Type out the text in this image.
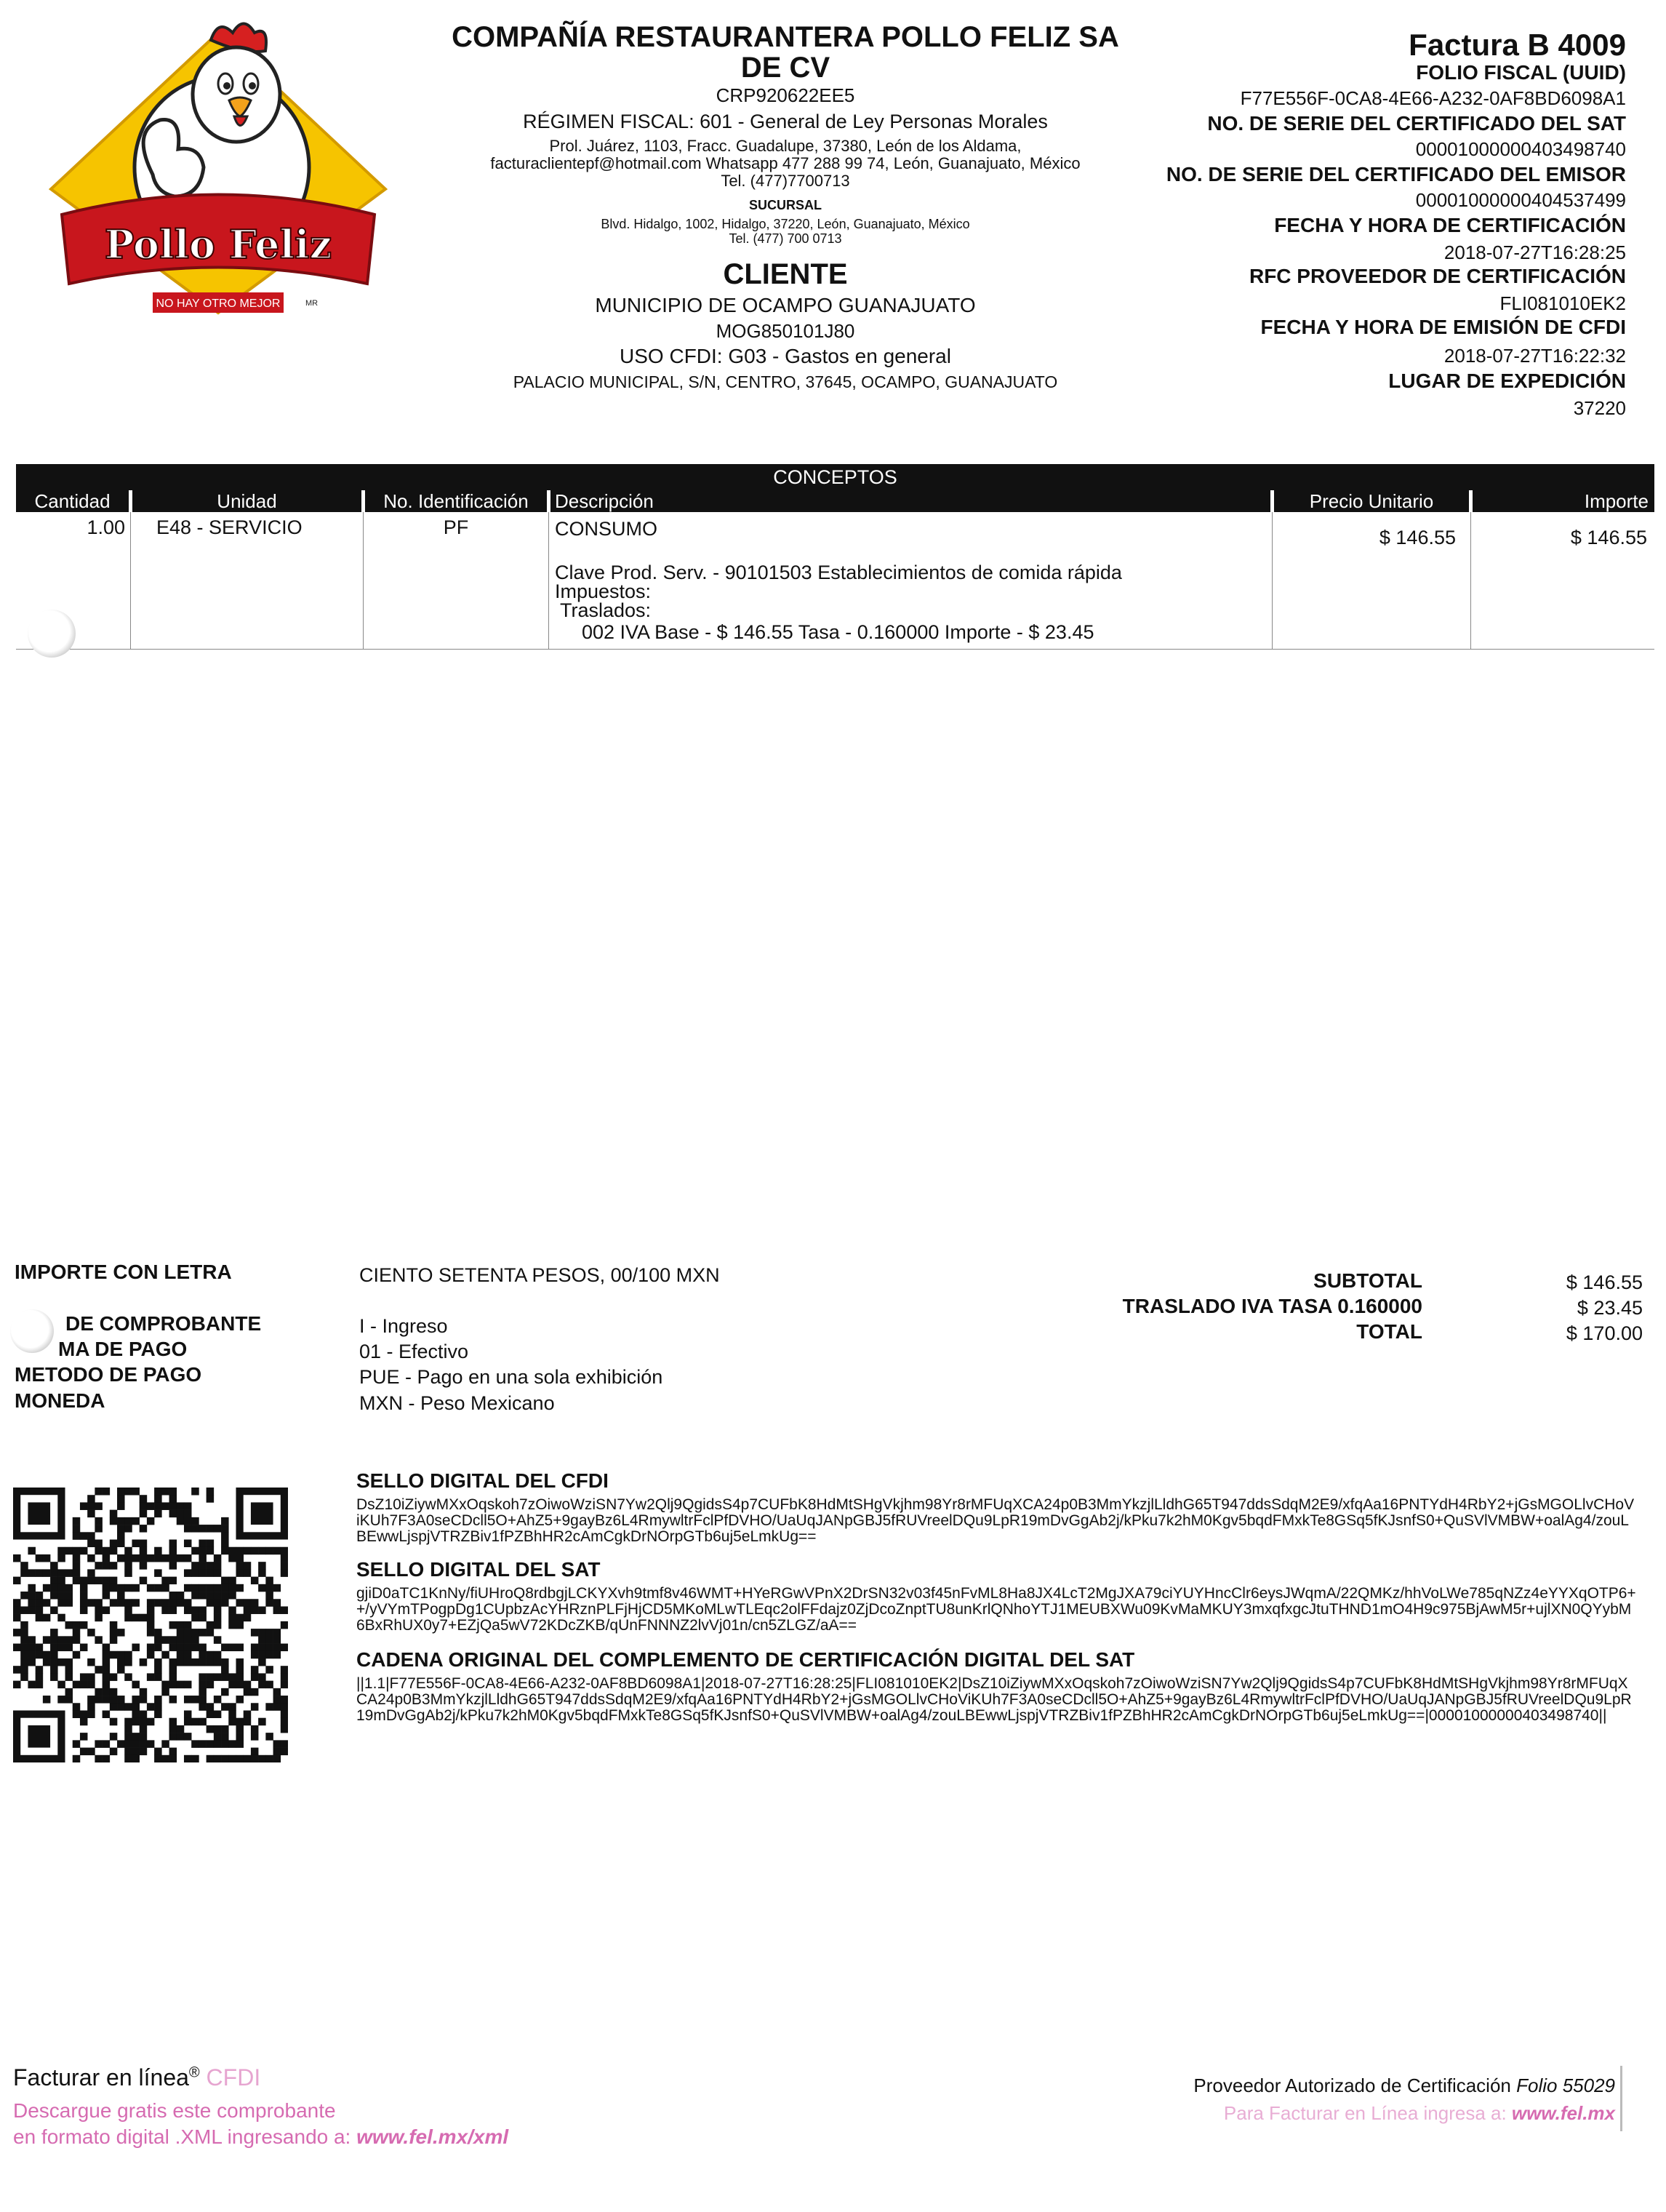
Pollo Feliz
NO HAY OTRO MEJOR	MR
COMPAÑÍA RESTAURANTERA POLLO FELIZ SA
DE CV
CRP920622EE5
RÉGIMEN FISCAL: 601 - General de Ley Personas Morales
Prol. Juárez, 1103, Fracc. Guadalupe, 37380, León de los Aldama,
facturaclientepf@hotmail.com Whatsapp 477 288 99 74, León, Guanajuato, México
Tel. (477)7700713
SUCURSAL
Blvd. Hidalgo, 1002, Hidalgo, 37220, León, Guanajuato, México
Tel. (477) 700 0713
CLIENTE
MUNICIPIO DE OCAMPO GUANAJUATO
MOG850101J80
USO CFDI: G03 - Gastos en general
PALACIO MUNICIPAL, S/N, CENTRO, 37645, OCAMPO, GUANAJUATO
Factura B 4009
FOLIO FISCAL (UUID)
F77E556F-0CA8-4E66-A232-0AF8BD6098A1
NO. DE SERIE DEL CERTIFICADO DEL SAT
00001000000403498740
NO. DE SERIE DEL CERTIFICADO DEL EMISOR
00001000000404537499
FECHA Y HORA DE CERTIFICACIÓN
2018-07-27T16:28:25
RFC PROVEEDOR DE CERTIFICACIÓN
FLI081010EK2
FECHA Y HORA DE EMISIÓN DE CFDI
2018-07-27T16:22:32
LUGAR DE EXPEDICIÓN
37220
CONCEPTOS
Cantidad	Unidad	No. Identificación	Descripción	Precio Unitario	Importe
1.00 E48 - SERVICIO	PF	CONSUMO
Clave Prod. Serv. - 90101503 Establecimientos de comida rápida
Impuestos:
Traslados:
002 IVA Base - $ 146.55 Tasa - 0.160000 Importe - $ 23.45
$ 146.55	$ 146.55
IMPORTE CON LETRA	CIENTO SETENTA PESOS, 00/100 MXN
DE COMPROBANTE	I - Ingreso
MA DE PAGO	01 - Efectivo
METODO DE PAGO	PUE - Pago en una sola exhibición
MONEDA	MXN - Peso Mexicano
SUBTOTAL	$ 146.55
TRASLADO IVA TASA 0.160000	$ 23.45
TOTAL	$ 170.00
SELLO DIGITAL DEL CFDI
DsZ10iZiywMXxOqskoh7zOiwoWziSN7Yw2Qlj9QgidsS4p7CUFbK8HdMtSHgVkjhm98Yr8rMFUqXCA24p0B3MmYkzjlLldhG65T947ddsSdqM2E9/xfqAa16PNTYdH4RbY2+jGsMGOLlvCHoViKUh7F3A0seCDcll5O+AhZ5+9gayBz6L4RmywltrFclPfDVHO/UaUqJANpGBJ5fRUVreelDQu9LpR19mDvGgAb2j/kPku7k2hM0Kgv5bqdFMxkTe8GSq5fKJsnfS0+QuSVlVMBW+oalAg4/zouLBEwwLjspjVTRZBiv1fPZBhHR2cAmCgkDrNOrpGTb6uj5eLmkUg==
SELLO DIGITAL DEL SAT
gjiD0aTC1KnNy/fiUHroQ8rdbgjLCKYXvh9tmf8v46WMT+HYeRGwVPnX2DrSN32v03f45nFvML8Ha8JX4LcT2MgJXA79ciYUYHncClr6eysJWqmA/22QMKz/hhVoLWe785qNZz4eYYXqOTP6++/yVYmTPogpDg1CUpbzAcYHRznPLFjHjCD5MKoMLwTLEqc2olFFdajz0ZjDcoZnptTU8unKrlQNhoYTJ1MEUBXWu09KvMaMKUY3mxqfxgcJtuTHND1mO4H9c975BjAwM5r+ujlXN0QYybM6BxRhUX0y7+EZjQa5wV72KDcZKB/qUnFNNNZ2lvVj01n/cn5ZLGZ/aA==
CADENA ORIGINAL DEL COMPLEMENTO DE CERTIFICACIÓN DIGITAL DEL SAT
||1.1|F77E556F-0CA8-4E66-A232-0AF8BD6098A1|2018-07-27T16:28:25|FLI081010EK2|DsZ10iZiywMXxOqskoh7zOiwoWziSN7Yw2Qlj9QgidsS4p7CUFbK8HdMtSHgVkjhm98Yr8rMFUqXCA24p0B3MmYkzjlLldhG65T947ddsSdqM2E9/xfqAa16PNTYdH4RbY2+jGsMGOLlvCHoViKUh7F3A0seCDcll5O+AhZ5+9gayBz6L4RmywltrFclPfDVHO/UaUqJANpGBJ5fRUVreelDQu9LpR19mDvGgAb2j/kPku7k2hM0Kgv5bqdFMxkTe8GSq5fKJsnfS0+QuSVlVMBW+oalAg4/zouLBEwwLjspjVTRZBiv1fPZBhHR2cAmCgkDrNOrpGTb6uj5eLmkUg==|00001000000403498740||
Facturar en línea® CFDI
Descargue gratis este comprobante
en formato digital .XML ingresando a: www.fel.mx/xml
Proveedor Autorizado de Certificación Folio 55029
Para Facturar en Línea ingresa a: www.fel.mx
